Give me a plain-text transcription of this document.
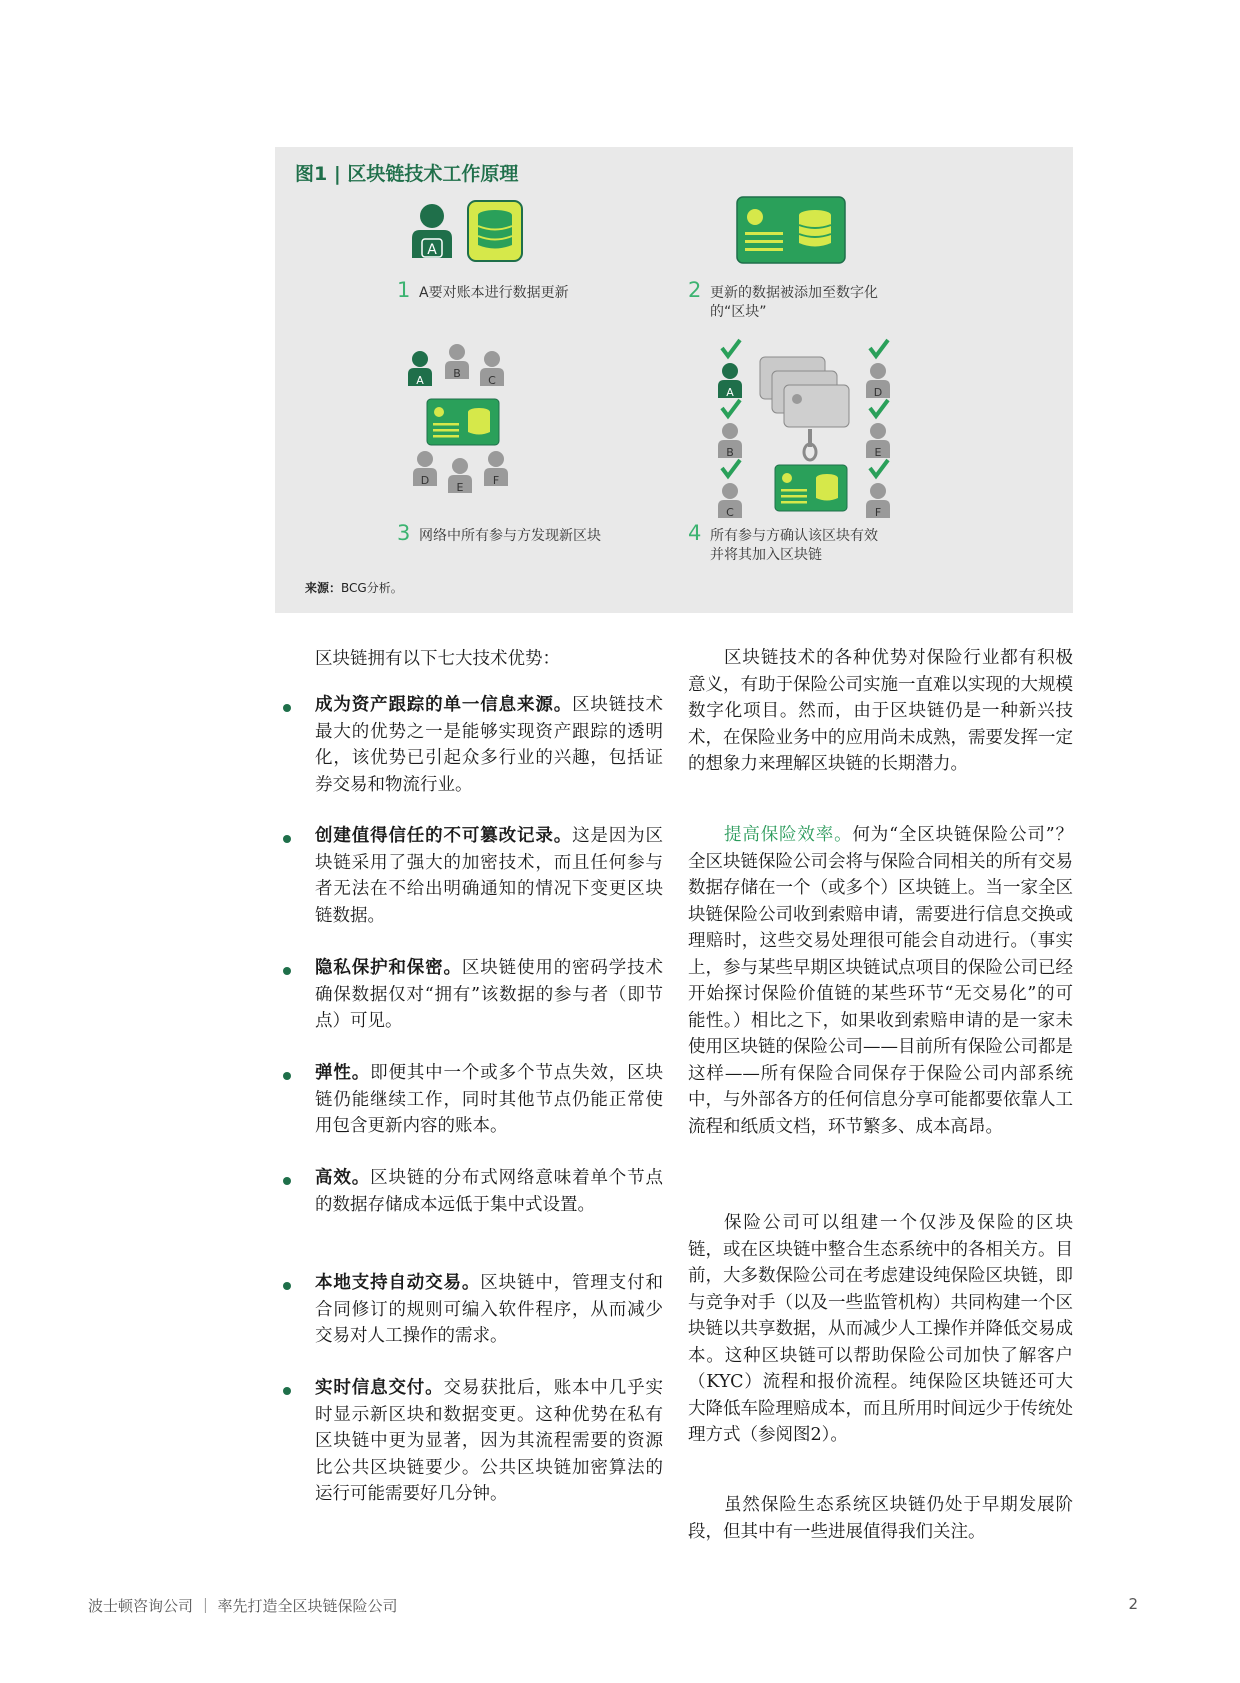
图1 | 区块链技术工作原理
A
A
B
C
D
E
F
A
B
C
D
E
F
1 A要对账本进行数据更新	2 更新的数据被添加至数字化
的“区块”
3 网络中所有参与方发现新区块	4 所有参与方确认该区块有效
并将其加入区块链
来源：BCG分析。
区块链拥有以下七大技术优势：
成为资产跟踪的单一信息来源。区块链技术最大的优势之一是能够实现资产跟踪的透明化，该优势已引起众多行业的兴趣，包括证券交易和物流行业。
创建值得信任的不可篡改记录。这是因为区块链采用了强大的加密技术，而且任何参与者无法在不给出明确通知的情况下变更区块链数据。
隐私保护和保密。区块链使用的密码学技术确保数据仅对“拥有”该数据的参与者（即节点）可见。
弹性。即便其中一个或多个节点失效，区块链仍能继续工作，同时其他节点仍能正常使用包含更新内容的账本。
高效。区块链的分布式网络意味着单个节点的数据存储成本远低于集中式设置。
本地支持自动交易。区块链中，管理支付和合同修订的规则可编入软件程序，从而减少交易对人工操作的需求。
实时信息交付。交易获批后，账本中几乎实时显示新区块和数据变更。这种优势在私有区块链中更为显著，因为其流程需要的资源比公共区块链要少。公共区块链加密算法的运行可能需要好几分钟。
区块链技术的各种优势对保险行业都有积极意义，有助于保险公司实施一直难以实现的大规模数字化项目。然而，由于区块链仍是一种新兴技术，在保险业务中的应用尚未成熟，需要发挥一定的想象力来理解区块链的长期潜力。
提高保险效率。何为“全区块链保险公司”？全区块链保险公司会将与保险合同相关的所有交易数据存储在一个（或多个）区块链上。当一家全区块链保险公司收到索赔申请，需要进行信息交换或理赔时，这些交易处理很可能会自动进行。（事实上，参与某些早期区块链试点项目的保险公司已经开始探讨保险价值链的某些环节“无交易化”的可能性。）相比之下，如果收到索赔申请的是一家未使用区块链的保险公司——目前所有保险公司都是这样——所有保险合同保存于保险公司内部系统中，与外部各方的任何信息分享可能都要依靠人工流程和纸质文档，环节繁多、成本高昂。
保险公司可以组建一个仅涉及保险的区块链，或在区块链中整合生态系统中的各相关方。目前，大多数保险公司在考虑建设纯保险区块链，即与竞争对手（以及一些监管机构）共同构建一个区块链以共享数据，从而减少人工操作并降低交易成本。这种区块链可以帮助保险公司加快了解客户（KYC）流程和报价流程。纯保险区块链还可大大降低车险理赔成本，而且所用时间远少于传统处理方式（参阅图2）。
虽然保险生态系统区块链仍处于早期发展阶段，但其中有一些进展值得我们关注。
波士顿咨询公司 ｜ 率先打造全区块链保险公司	2
